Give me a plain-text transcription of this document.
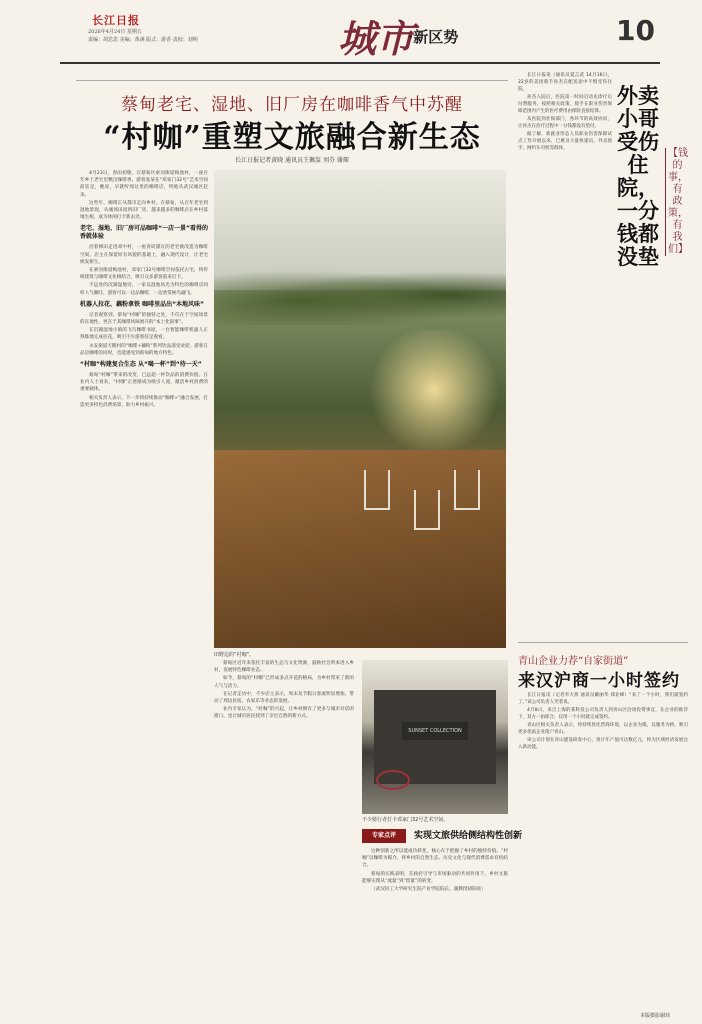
长江日报
2026年4月24日 星期五
责编：胡思思 美编：黄满 版式：游香 责校：刘明	城市
·新区势	10
蔡甸老宅、湿地、旧厂房在咖啡香气中苏醒
“村咖”重塑文旅融合新生态
长江日报记者黄晓 通讯员王佩玺 刘芬 谢琛

4月23日，春雨初歇，在蔡甸区索河街道梅池村，一座百年乡土老宅里飘出咖啡香。游客张某在“邓家门32号”艺术空间前驻足，她说，早就听闻这里的咖啡店，特地从武汉城区赶来。

这些年，咖啡正从都市走向乡村。在蔡甸，从百年老宅到湿地景观，从城郊田园到旧厂房，越来越多的咖啡店在乡村落地生根，成为休闲打卡新去处。

老宅、湿地、旧厂房可品咖啡“一店一景”看得的香就体验

沿着梯田走进邓中村，一座青砖黛瓦的老宅被改造为咖啡空间。店主在保留原有风貌的基础上，融入现代设计，让老宅焕发新生。

在索河街道梅池村，邓家门32号咖啡空间依托古宅，将传统建筑与咖啡文化相结合，吸引众多游客前来打卡。

不远处的沉湖湿地旁，一家以湿地风光为特色的咖啡店同样人气颇旺，游客可以一边品咖啡，一边欣赏候鸟翩飞。

机器人拉花、藕粉拿铁 咖啡里品出“本地风味”

记者观察到，蔡甸“村咖”的独特之处，不仅在于空间场景的在地性，更在于其咖啡风味展开的“本土化叙事”。

在沉湖湿地小镇的飞鸟咖啡书屋，一台智能咖啡机器人正熟练地完成拉花，吸引不少游客驻足观看。

永安街道天鹅村的“咖啡+藕粉”系列饮品深受欢迎，游客在品尝咖啡的同时，也能感受到蔡甸的地方特色。

“村咖”构建复合生态 从“喝一杯”到“待一天”

蔡甸“村咖”带来的改变，已远超一杯饮品的消费价值。在业内人士看来，“村咖”正逐渐成为吸引人流、激活乡村消费的重要载体。

相关负责人表示，下一步将持续推动“咖啡+”融合发展，打造更多特色消费场景，助力乡村振兴。

田野边的“村咖”。

蔡甸区近年来依托丰富的生态与文化资源，鼓励社会资本进入乡村，发展特色咖啡业态。

如今，蔡甸的“村咖”已形成多点开花的格局，为乡村带来了新的人气与活力。

在记者走访中，不少店主表示，周末及节假日客流明显增加，带动了周边民宿、农家乐等业态的发展。

业内专家认为，“村咖”的兴起，让乡村拥有了更多与城市对话的窗口，也让城市居民找到了亲近自然的新方式。

SUNSET COLLECTION
不少骑行者打卡邓家门32号艺术空间。
专家点评	实现文旅供给侧结构性创新

这种创新之所以能成功转化，核心在于把握了乡村的独特价值。“村咖”以咖啡为媒介，将乡村的自然生态、历史文化与现代消费需求有机结合。

蔡甸的实践表明，在政府引导与市场驱动的共同作用下，乡村文旅能够实现从“流量”到“留量”的转变。

（武汉轻工大学研究生院产业学院院长、副教授胡阳亮）

长江日报讯（通讯员夏言武 14月16日，22岁的美团骑手孙杰在配送途中不慎受伤住院。

孙杰入院后，医院第一时间启动先诊疗后付费服务，按照相关政策，骑手在职业伤害保障范围内产生的医疗费用由保险直接结算。

从医院到社保部门，各环节的高效协同，让孙杰在治疗过程中一分钱都没有垫付。

据了解，新就业形态人员职业伤害保障试点工作开展以来，已惠及大量快递员、外卖骑手、网约车司机等群体。

外卖小哥受伤住院，一分钱都没垫
【钱的事，有政策，有我们】
青山企业力荐“自家街道”
来汉沪商一小时签约

长江日报讯（记者李大将 通讯员戴丽华 郑业峰）“来了一个小时，我们就签约了。”该公司负责人笑着说。

4月8日，来自上海的某科技公司负责人到青山区洽谈投资事宜，在企业的推荐下，双方一拍即合，仅用一个小时就完成签约。

青山区相关负责人表示，将持续优化营商环境，以企业为媒，以服务为桥，吸引更多优质企业落户青山。

该公司计划在青山建设研发中心，预计年产值可达数亿元，将为区域经济发展注入新动能。

本版摄影谢炜
